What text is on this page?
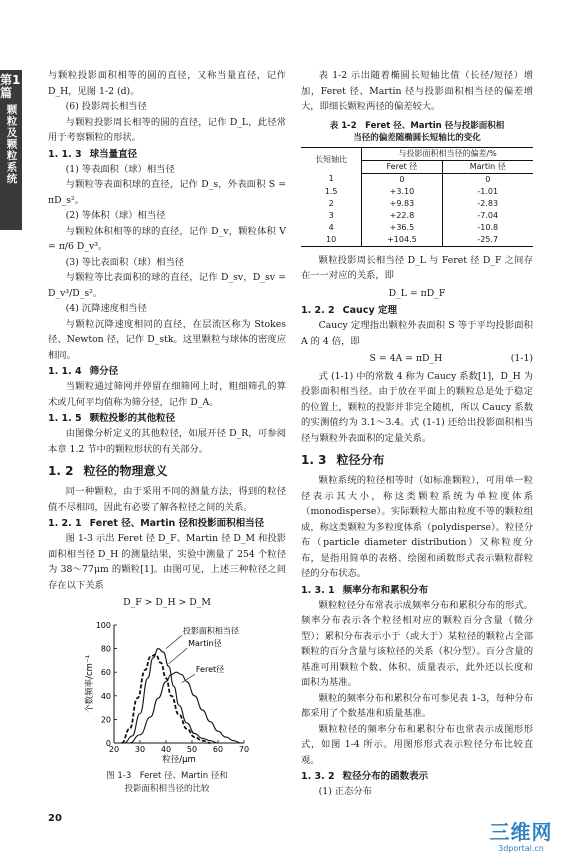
第1篇
颗粒及颗粒系统

与颗粒投影面积相等的圆的直径，又称当量直径，记作 D_H，见图 1-2 (d)。

(6) 投影周长相当径

与颗粒投影周长相等的圆的直径，记作 D_L，此径常用于考察颗粒的形状。

1. 1. 3 球当量直径

(1) 等表面积（球）相当径

与颗粒等表面积球的直径，记作 D_s，外表面积 S = πD_s²。

(2) 等体积（球）相当径

与颗粒体积相等的球的直径，记作 D_v，颗粒体积 V = π/6 D_v³。

(3) 等比表面积（球）相当径

与颗粒等比表面积的球的直径，记作 D_sv，D_sv = D_v³/D_s²。

(4) 沉降速度相当径

与颗粒沉降速度相同的直径，在层流区称为 Stokes 径、Newton 径，记作 D_stk。这里颗粒与球体的密度应相同。

1. 1. 4 筛分径

当颗粒通过筛网并停留在细筛网上时，粗细筛孔的算术或几何平均值称为筛分径，记作 D_A。

1. 1. 5 颗粒投影的其他粒径

由图像分析定义的其他粒径，如展开径 D_R，可参阅本章 1.2 节中的颗粒形状的有关部分。

1. 2 粒径的物理意义

同一种颗粒，由于采用不同的测量方法，得到的粒径值不尽相同，因此有必要了解各粒径之间的关系。

1. 2. 1 Feret 径、Martin 径和投影面积相当径

图 1-3 示出 Feret 径 D_F、Martin 径 D_M 和投影面积相当径 D_H 的测量结果，实验中测量了 254 个粒径为 38～77μm 的颗粒[1]。由图可见，上述三种粒径之间存在以下关系

D_F > D_H > D_M

20 30 40 50 60 70
0
20
40
60
80
100
粒径/μm
个数频率/cm⁻¹
投影面积相当径
Martin径
Feret径
图 1-3　Feret 径、Martin 径和
投影面积相当径的比较

表 1-2 示出随着椭圆长短轴比值（长径/短径）增加，Feret 径、Martin 径与投影面积相当径的偏差增大，即细长颗粒两径的偏差较大。

表 1-2　Feret 径、Martin 径与投影面积相
当径的偏差随椭圆长短轴比的变化
长短轴比	与投影面积相当径的偏差/%	
	Feret 径	Martin 径
1	0	0
1.5	+3.10	-1.01
2	+9.83	-2.83
3	+22.8	-7.04
4	+36.5	-10.8
10	+104.5	-25.7

颗粒投影周长相当径 D_L 与 Feret 径 D_F 之间存在一一对应的关系，即

D_L = πD_F

1. 2. 2 Caucy 定理

Caucy 定理指出颗粒外表面积 S 等于平均投影面积 A 的 4 倍，即

S = 4A = πD_H	(1-1)

式 (1-1) 中的常数 4 称为 Caucy 系数[1]，D_H 为投影面积相当径。由于放在平面上的颗粒总是处于稳定的位置上，颗粒的投影并非完全随机，所以 Caucy 系数的实测值约为 3.1～3.4。式 (1-1) 还给出投影面积相当径与颗粒外表面积的定量关系。

1. 3 粒径分布

颗粒系统的粒径相等时（如标准颗粒），可用单一粒径表示其大小，称这类颗粒系统为单粒度体系（monodisperse）。实际颗粒大都由粒度不等的颗粒组成，称这类颗粒为多粒度体系（polydisperse）。粒径分布（particle diameter distribution）又称粒度分布，是指用简单的表格、绘图和函数形式表示颗粒群粒径的分布状态。

1. 3. 1 频率分布和累积分布

颗粒粒径分布常表示成频率分布和累积分布的形式。频率分布表示各个粒径相对应的颗粒百分含量（微分型）；累积分布表示小于（或大于）某粒径的颗粒占全部颗粒的百分含量与该粒径的关系（积分型）。百分含量的基准可用颗粒个数、体积、质量表示，此外还以长度和面积为基准。

颗粒的频率分布和累积分布可参见表 1-3，每种分布都采用了个数基准和质量基准。

颗粒粒径的频率分布和累积分布也常表示成图形形式，如图 1-4 所示。用图形形式表示粒径分布比较直观。

1. 3. 2 粒径分布的函数表示

(1) 正态分布

20
三维网
3dportal.cn
